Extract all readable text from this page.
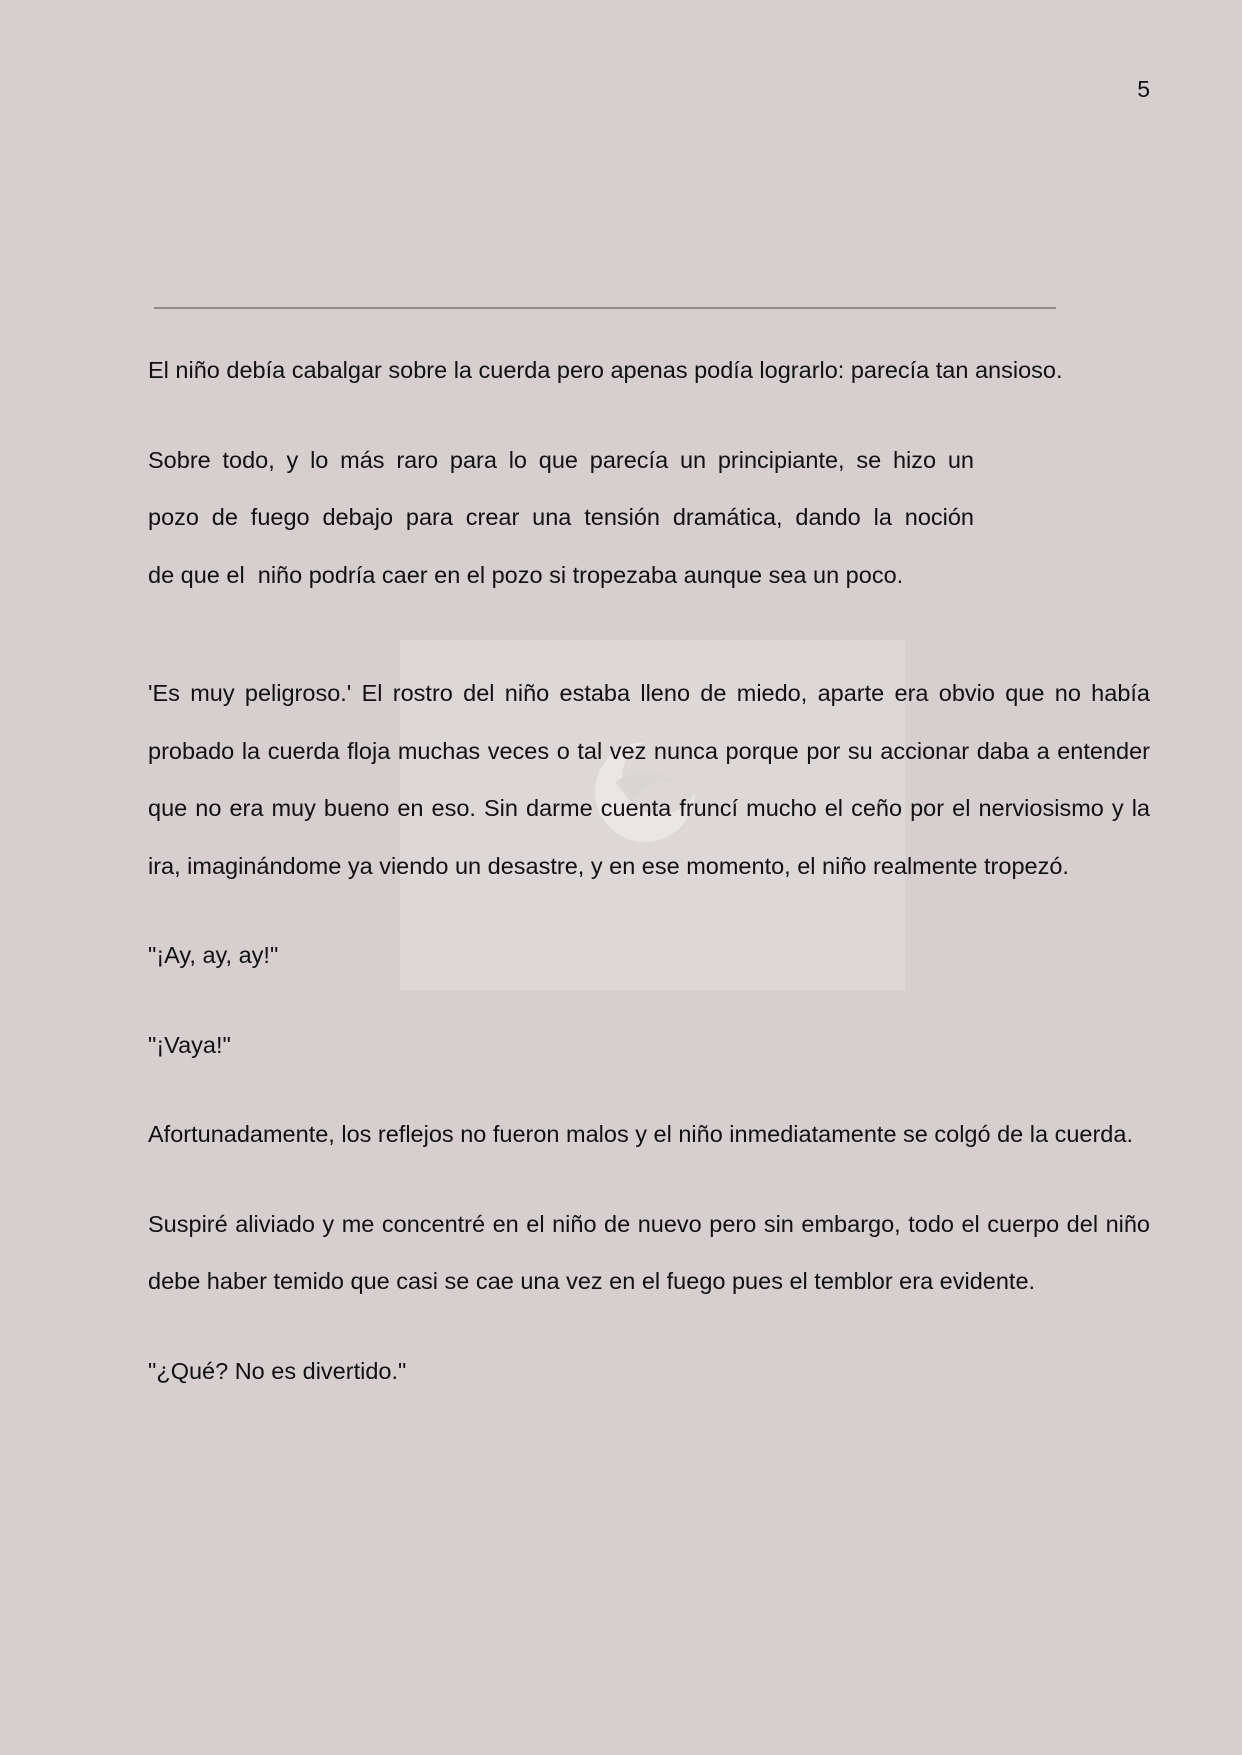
5

El niño debía cabalgar sobre la cuerda pero apenas podía lograrlo: parecía tan ansioso.

Sobre todo, y lo más raro para lo que parecía un principiante, se hizo un
pozo de fuego debajo para crear una tensión dramática, dando la noción
de que el  niño podría caer en el pozo si tropezaba aunque sea un poco.

'Es muy peligroso.' El rostro del niño estaba lleno de miedo, aparte era obvio que no había probado la cuerda floja muchas veces o tal vez nunca porque por su accionar daba a entender que no era muy bueno en eso. Sin darme cuenta fruncí mucho el ceño por el nerviosismo y la ira, imaginándome ya viendo un desastre, y en ese momento, el niño realmente tropezó.

"¡Ay, ay, ay!"

"¡Vaya!"

Afortunadamente, los reflejos no fueron malos y el niño inmediatamente se colgó de la cuerda.

Suspiré aliviado y me concentré en el niño de nuevo pero sin embargo, todo el cuerpo del niño debe haber temido que casi se cae una vez en el fuego pues el temblor era evidente.

"¿Qué? No es divertido."
